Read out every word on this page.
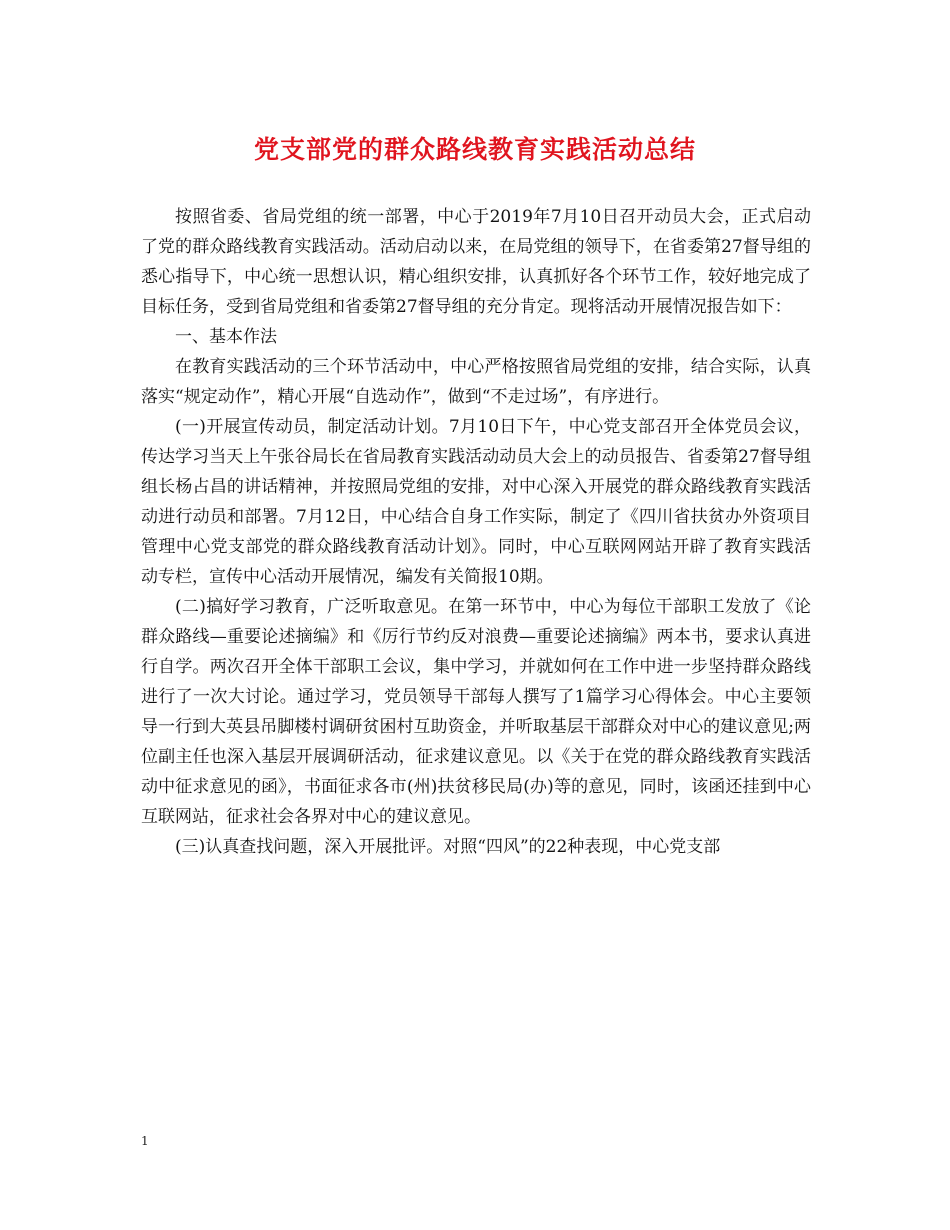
党支部党的群众路线教育实践活动总结

按照省委、省局党组的统一部署，中心于2019年7月10日召开动员大会，正式启动了党的群众路线教育实践活动。活动启动以来，在局党组的领导下，在省委第27督导组的悉心指导下，中心统一思想认识，精心组织安排，认真抓好各个环节工作，较好地完成了目标任务，受到省局党组和省委第27督导组的充分肯定。现将活动开展情况报告如下：

一、基本作法

在教育实践活动的三个环节活动中，中心严格按照省局党组的安排，结合实际，认真落实“规定动作”，精心开展“自选动作”，做到“不走过场”，有序进行。

(一)开展宣传动员，制定活动计划。7月10日下午，中心党支部召开全体党员会议，传达学习当天上午张谷局长在省局教育实践活动动员大会上的动员报告、省委第27督导组组长杨占昌的讲话精神，并按照局党组的安排，对中心深入开展党的群众路线教育实践活动进行动员和部署。7月12日，中心结合自身工作实际，制定了《四川省扶贫办外资项目管理中心党支部党的群众路线教育活动计划》。同时，中心互联网网站开辟了教育实践活动专栏，宣传中心活动开展情况，编发有关简报10期。

(二)搞好学习教育，广泛听取意见。在第一环节中，中心为每位干部职工发放了《论群众路线—重要论述摘编》和《厉行节约反对浪费—重要论述摘编》两本书，要求认真进行自学。两次召开全体干部职工会议，集中学习，并就如何在工作中进一步坚持群众路线进行了一次大讨论。通过学习，党员领导干部每人撰写了1篇学习心得体会。中心主要领导一行到大英县吊脚楼村调研贫困村互助资金，并听取基层干部群众对中心的建议意见;两位副主任也深入基层开展调研活动，征求建议意见。以《关于在党的群众路线教育实践活动中征求意见的函》，书面征求各市(州)扶贫移民局(办)等的意见，同时，该函还挂到中心互联网站，征求社会各界对中心的建议意见。

(三)认真查找问题，深入开展批评。对照“四风”的22种表现，中心党支部

1
